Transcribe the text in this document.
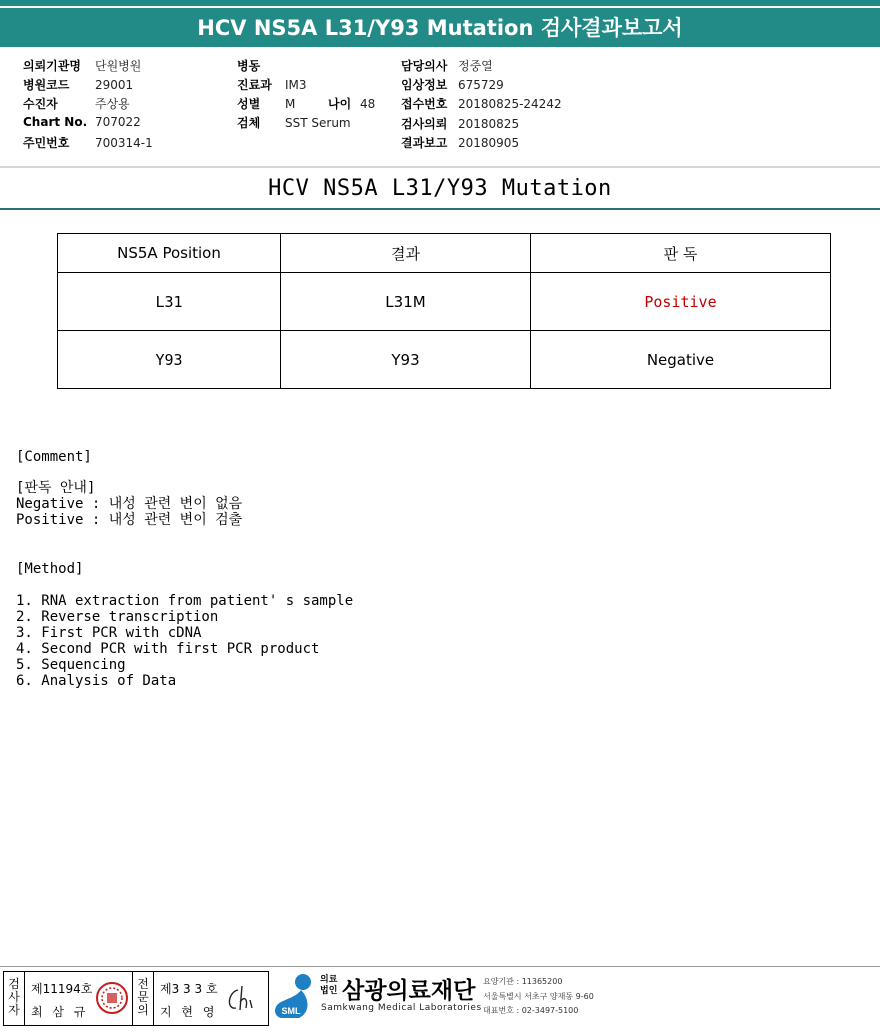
HCV NS5A L31/Y93 Mutation 검사결과보고서
의뢰기관명 단원병원
병원코드 29001
수진자	주상용
Chart No. 707022
주민번호 700314-1
병동
진료과 IM3
성별 M	나이 48
검체 SST Serum
담당의사 정중열
임상정보 675729
접수번호 20180825-24242
검사의뢰 20180825
결과보고 20180905
HCV NS5A L31/Y93 Mutation
NS5A Position	결과	판 독
L31	L31M	Positive
Y93	Y93	Negative
[Comment]
[판독 안내]
Negative : 내성 관련 변이 없음
Positive : 내성 관련 변이 검출
[Method]
1. RNA extraction from patient' s sample
2. Reverse transcription
3. First PCR with cDNA
4. Second PCR with first PCR product
5. Sequencing
6. Analysis of Data
검사자
제11194호
최 삼 규
전문의
제3 3 3 호
지 현 영	SML
의료법인 삼광의료재단
Samkwang Medical Laboratories
요양기관 : 11365200
서울특별시 서초구 양재동 9-60
대표번호 : 02-3497-5100
